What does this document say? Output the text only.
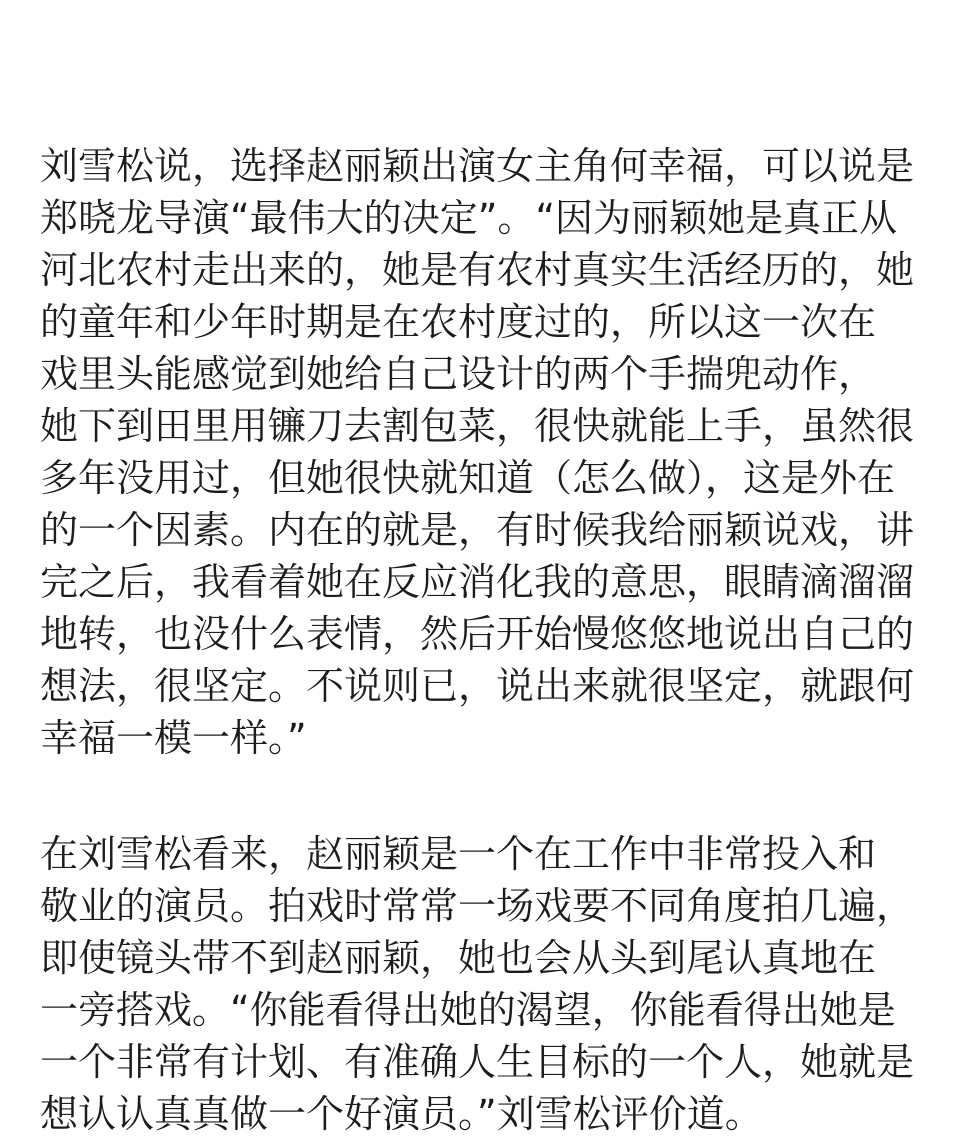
刘雪松说，选择赵丽颖出演女主角何幸福，可以说是
郑晓龙导演“最伟大的决定”。“因为丽颖她是真正从
河北农村走出来的，她是有农村真实生活经历的，她
的童年和少年时期是在农村度过的，所以这一次在
戏里头能感觉到她给自己设计的两个手揣兜动作，
她下到田里用镰刀去割包菜，很快就能上手，虽然很
多年没用过，但她很快就知道（怎么做），这是外在
的一个因素。内在的就是，有时候我给丽颖说戏，讲
完之后，我看着她在反应消化我的意思，眼睛滴溜溜
地转，也没什么表情，然后开始慢悠悠地说出自己的
想法，很坚定。不说则已，说出来就很坚定，就跟何
幸福一模一样。”

在刘雪松看来，赵丽颖是一个在工作中非常投入和
敬业的演员。拍戏时常常一场戏要不同角度拍几遍，
即使镜头带不到赵丽颖，她也会从头到尾认真地在
一旁搭戏。“你能看得出她的渴望，你能看得出她是
一个非常有计划、有准确人生目标的一个人，她就是
想认认真真做一个好演员。”刘雪松评价道。
